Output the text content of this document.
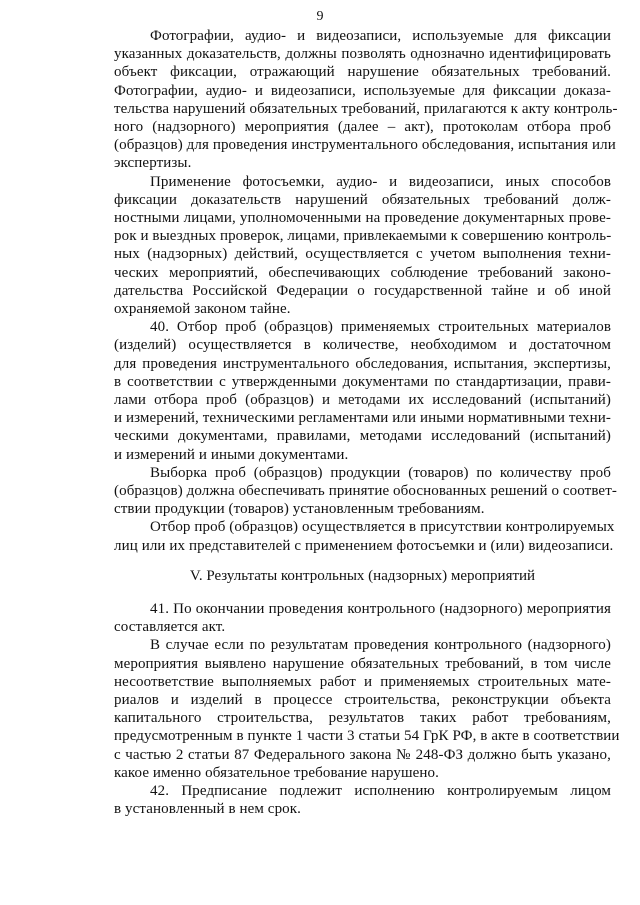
9
Фотографии, аудио- и видеозаписи, используемые для фиксации
указанных доказательств, должны позволять однозначно идентифицировать
объект фиксации, отражающий нарушение обязательных требований.
Фотографии, аудио- и видеозаписи, используемые для фиксации доказа-
тельства нарушений обязательных требований, прилагаются к акту контроль-
ного (надзорного) мероприятия (далее – акт), протоколам отбора проб
(образцов) для проведения инструментального обследования, испытания или
экспертизы.
Применение фотосъемки, аудио- и видеозаписи, иных способов
фиксации доказательств нарушений обязательных требований долж-
ностными лицами, уполномоченными на проведение документарных прове-
рок и выездных проверок, лицами, привлекаемыми к совершению контроль-
ных (надзорных) действий, осуществляется с учетом выполнения техни-
ческих мероприятий, обеспечивающих соблюдение требований законо-
дательства Российской Федерации о государственной тайне и об иной
охраняемой законом тайне.
40. Отбор проб (образцов) применяемых строительных материалов
(изделий) осуществляется в количестве, необходимом и достаточном
для проведения инструментального обследования, испытания, экспертизы,
в соответствии с утвержденными документами по стандартизации, прави-
лами отбора проб (образцов) и методами их исследований (испытаний)
и измерений, техническими регламентами или иными нормативными техни-
ческими документами, правилами, методами исследований (испытаний)
и измерений и иными документами.
Выборка проб (образцов) продукции (товаров) по количеству проб
(образцов) должна обеспечивать принятие обоснованных решений о соответ-
ствии продукции (товаров) установленным требованиям.
Отбор проб (образцов) осуществляется в присутствии контролируемых
лиц или их представителей с применением фотосъемки и (или) видеозаписи.
V. Результаты контрольных (надзорных) мероприятий
41. По окончании проведения контрольного (надзорного) мероприятия
составляется акт.
В случае если по результатам проведения контрольного (надзорного)
мероприятия выявлено нарушение обязательных требований, в том числе
несоответствие выполняемых работ и применяемых строительных мате-
риалов и изделий в процессе строительства, реконструкции объекта
капитального строительства, результатов таких работ требованиям,
предусмотренным в пункте 1 части 3 статьи 54 ГрК РФ, в акте в соответствии
с частью 2 статьи 87 Федерального закона № 248-ФЗ должно быть указано,
какое именно обязательное требование нарушено.
42. Предписание подлежит исполнению контролируемым лицом
в установленный в нем срок.
